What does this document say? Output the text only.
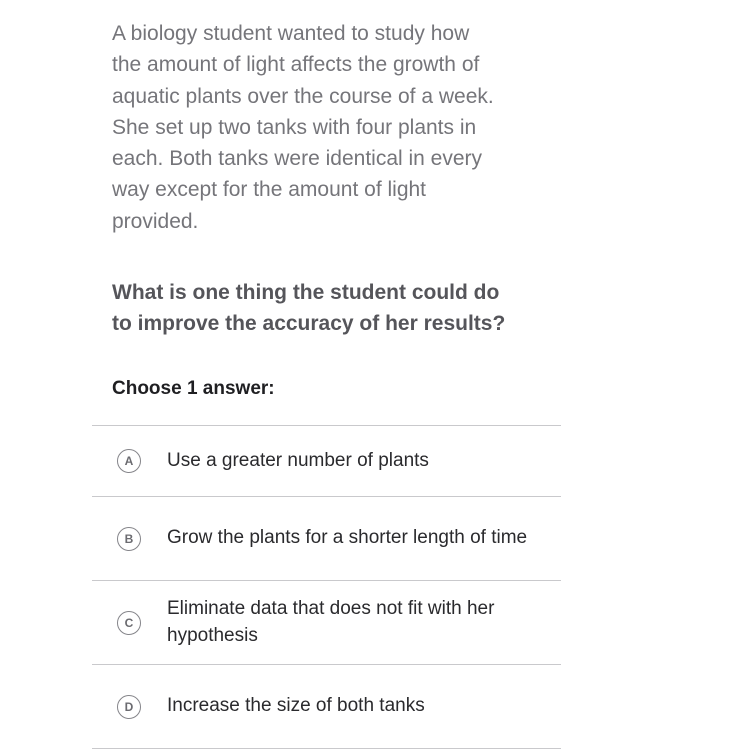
A biology student wanted to study how
the amount of light affects the growth of
aquatic plants over the course of a week.
She set up two tanks with four plants in
each. Both tanks were identical in every
way except for the amount of light
provided.

What is one thing the student could do
to improve the accuracy of her results?

Choose 1 answer:

A	Use a greater number of plants
B	Grow the plants for a shorter length of time
C
Eliminate data that does not fit with her hypothesis
D	Increase the size of both tanks
